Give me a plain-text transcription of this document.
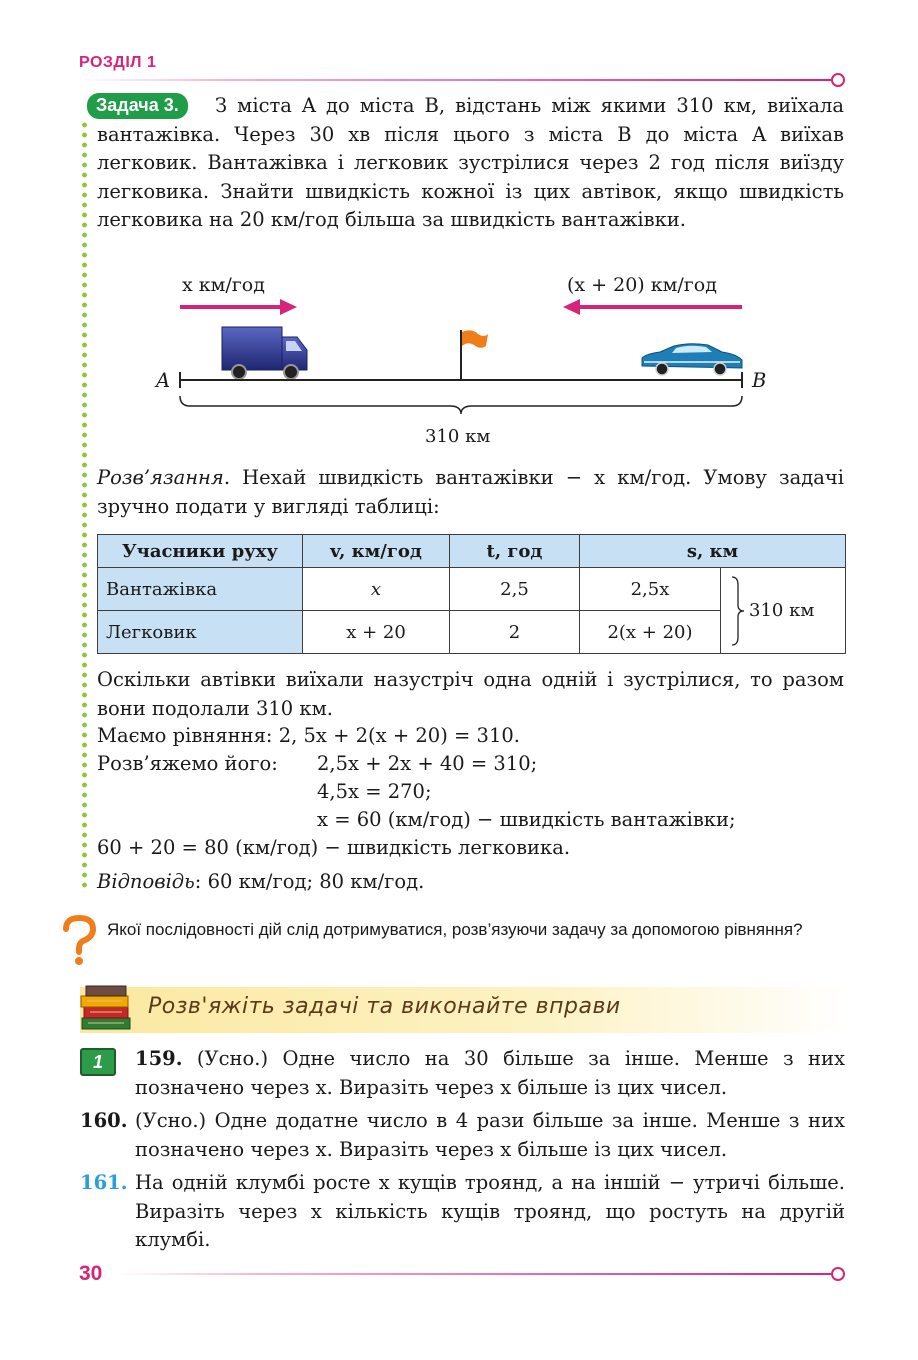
РОЗДІЛ 1
Задача 3.	З міста A до міста B, відстань між якими 310 км, виїхала вантажівка. Через 30 хв після цього з міста B до міста A виїхав легковик. Вантажівка і легковик зустрілися через 2 год після виїзду легковика. Знайти швидкість кожної із цих автівок, якщо швидкість легковика на 20 км/год більша за швидкість вантажівки.
x км/год	(x + 20) км/год
A	B
310 км
Розв’язання. Нехай швидкість вантажівки − x км/год. Умову задачі зручно подати у вигляді таблиці:
Учасники руху	v, км/год	t, год	s, км	
Вантажівка	x	2,5	2,5x	310 км

Легковик	x + 20	2	2(x + 20)	
Оскільки автівки виїхали назустріч одна одній і зустрілися, то разом вони подолали 310 км.
Маємо рівняння: 2, 5x + 2(x + 20) = 310.
Розв’яжемо його: 2,5x + 2x + 40 = 310;
4,5x = 270;
x = 60 (км/год) − швидкість вантажівки;
60 + 20 = 80 (км/год) − швидкість легковика.
Відповідь: 60 км/год; 80 км/год.
Якої послідовності дій слід дотримуватися, розв’язуючи задачу за допомогою рівняння?
Розв'яжіть задачі та виконайте вправи
1	159. (Усно.) Одне число на 30 більше за інше. Менше з них позначено через x. Виразіть через x більше із цих чисел.
160. (Усно.) Одне додатне число в 4 рази більше за інше. Менше з них позначено через x. Виразіть через x більше із цих чисел.
161. На одній клумбі росте x кущів троянд, а на іншій − утричі більше. Виразіть через x кількість кущів троянд, що ростуть на другій клумбі.
30
